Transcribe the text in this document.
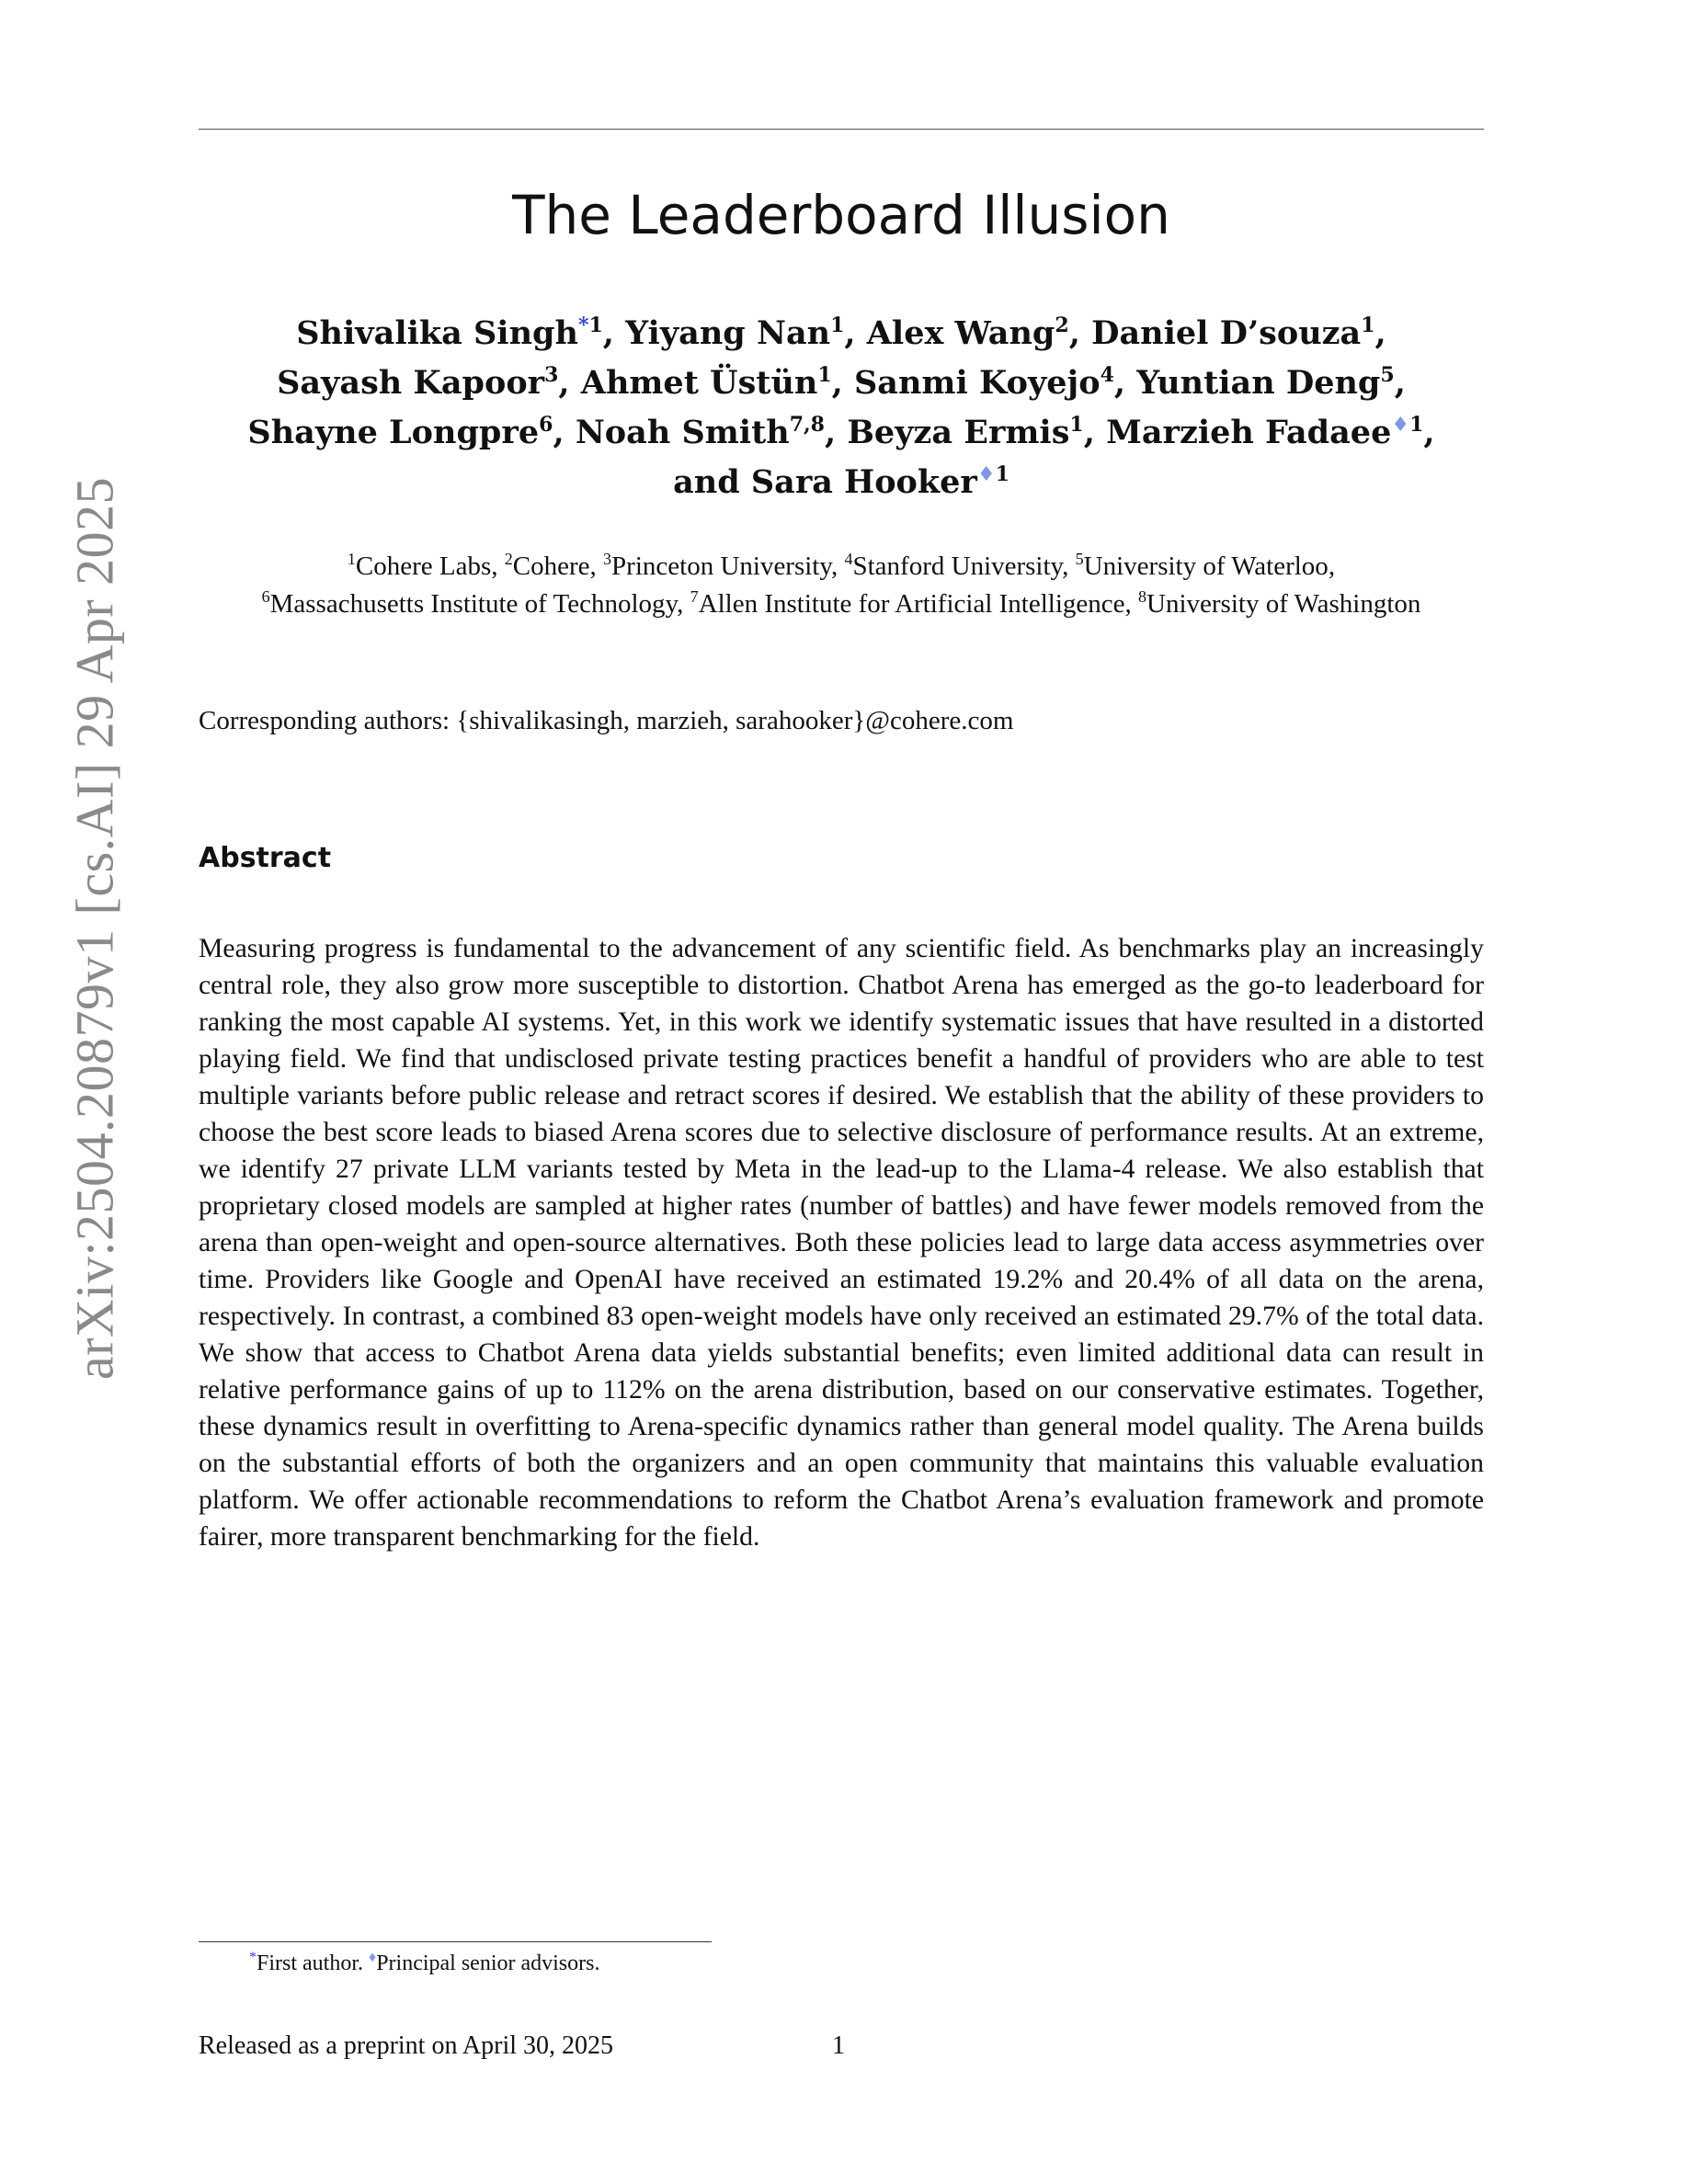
arXiv:2504.20879v1 [cs.AI] 29 Apr 2025
The Leaderboard Illusion
Shivalika Singh$^{*1}$, Yiyang Nan$^1$, Alex Wang$^2$, Daniel D’souza$^1$,
Sayash Kapoor$^3$, Ahmet Üstün$^1$, Sanmi Koyejo$^4$, Yuntian Deng$^5$,
Shayne Longpre$^6$, Noah Smith$^{7,8}$, Beyza Ermis$^1$, Marzieh Fadaee$^{♦1}$,
and Sara Hooker$^{♦1}$
$^1$Cohere Labs, $^2$Cohere, $^3$Princeton University, $^4$Stanford University, $^5$University of Waterloo,
$^6$Massachusetts Institute of Technology, $^7$Allen Institute for Artificial Intelligence, $^8$University of Washington
Corresponding authors: {shivalikasingh, marzieh, sarahooker}@cohere.com
Abstract

Measuring progress is fundamental to the advancement of any scientific field. As benchmarks play an increasingly central role, they also grow more susceptible to distortion. Chatbot Arena has emerged as the go-to leaderboard for ranking the most capable AI systems. Yet, in this work we identify systematic issues that have resulted in a distorted playing field. We find that undisclosed private testing practices benefit a handful of providers who are able to test multiple variants before public release and retract scores if desired. We establish that the ability of these providers to choose the best score leads to biased Arena scores due to selective disclosure of performance results. At an extreme, we identify 27 private LLM variants tested by Meta in the lead-up to the Llama-4 release. We also establish that proprietary closed models are sampled at higher rates (number of battles) and have fewer models removed from the arena than open-weight and open-source alternatives. Both these policies lead to large data access asymmetries over time. Providers like Google and OpenAI have received an estimated 19.2% and 20.4% of all data on the arena, respectively. In contrast, a combined 83 open-weight models have only received an estimated 29.7% of the total data. We show that access to Chatbot Arena data yields substantial benefits; even limited additional data can result in relative performance gains of up to 112% on the arena distribution, based on our conservative estimates. Together, these dynamics result in overfitting to Arena-specific dynamics rather than general model quality. The Arena builds on the substantial efforts of both the organizers and an open community that maintains this valuable evaluation platform. We offer actionable recommendations to reform the Chatbot Arena’s evaluation framework and promote fairer, more transparent benchmarking for the field.

*First author. ♦Principal senior advisors.
Released as a preprint on April 30, 2025	1
